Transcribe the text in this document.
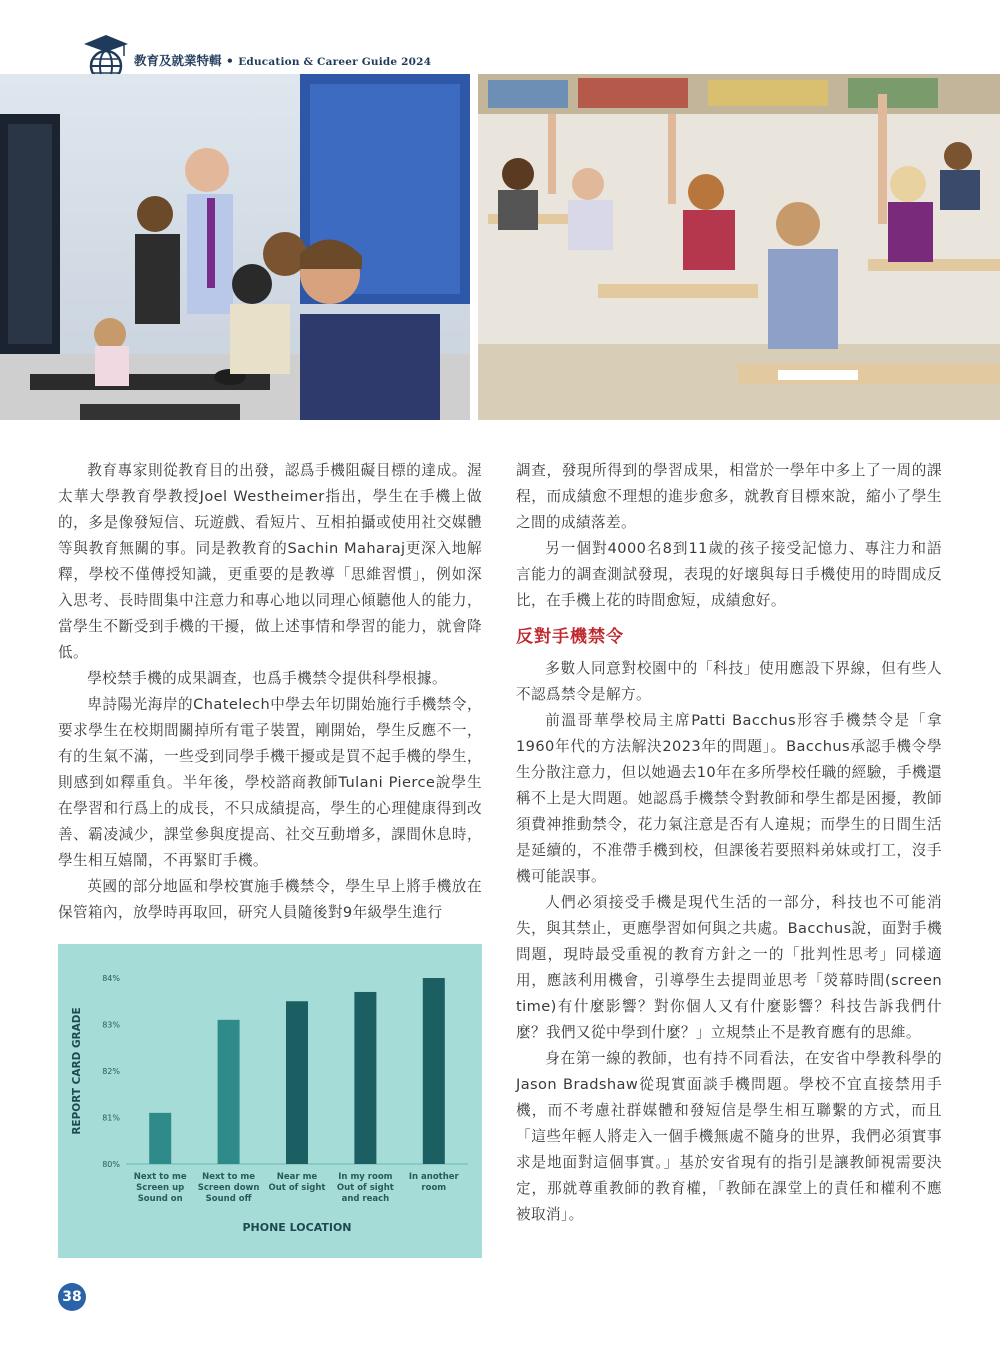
教育及就業特輯 • Education & Career Guide 2024

教育專家則從教育目的出發，認爲手機阻礙目標的達成。渥太華大學教育學教授Joel Westheimer指出，學生在手機上做的，多是像發短信、玩遊戲、看短片、互相拍攝或使用社交媒體等與教育無關的事。同是教教育的Sachin Maharaj更深入地解釋，學校不僅傳授知識，更重要的是教導「思維習慣」，例如深入思考、長時間集中注意力和專心地以同理心傾聽他人的能力，當學生不斷受到手機的干擾，做上述事情和學習的能力，就會降低。

學校禁手機的成果調查，也爲手機禁令提供科學根據。

卑詩陽光海岸的Chatelech中學去年切開始施行手機禁令，要求學生在校期間關掉所有電子裝置，剛開始，學生反應不一，有的生氣不滿，一些受到同學手機干擾或是買不起手機的學生，則感到如釋重負。半年後，學校諮商教師Tulani Pierce說學生在學習和行爲上的成長，不只成績提高，學生的心理健康得到改善、霸凌減少，課堂參與度提高、社交互動增多，課間休息時，學生相互嬉鬧，不再緊盯手機。

英國的部分地區和學校實施手機禁令，學生早上將手機放在保管箱內，放學時再取回，研究人員隨後對9年級學生進行

80%
81%
82%
83%
84%
REPORT CARD GRADE
Next to me
Screen up
Sound on
Next to me
Screen down
Sound off
Near me
Out of sight
In my room
Out of sight
and reach
In another
room
PHONE LOCATION

調查，發現所得到的學習成果，相當於一學年中多上了一周的課程，而成績愈不理想的進步愈多，就教育目標來說，縮小了學生之間的成績落差。

另一個對4000名8到11歲的孩子接受記憶力、專注力和語言能力的調查測試發現，表現的好壞與每日手機使用的時間成反比，在手機上花的時間愈短，成績愈好。

反對手機禁令

多數人同意對校園中的「科技」使用應設下界線，但有些人不認爲禁令是解方。

前溫哥華學校局主席Patti Bacchus形容手機禁令是「拿1960年代的方法解決2023年的問題」。Bacchus承認手機令學生分散注意力，但以她過去10年在多所學校任職的經驗，手機還稱不上是大問題。她認爲手機禁令對教師和學生都是困擾，教師須費神推動禁令，花力氣注意是否有人違規；而學生的日間生活是延續的，不准帶手機到校，但課後若要照料弟妹或打工，沒手機可能誤事。

人們必須接受手機是現代生活的一部分，科技也不可能消失，與其禁止，更應學習如何與之共處。Bacchus說，面對手機問題，現時最受重視的教育方針之一的「批判性思考」同樣適用，應該利用機會，引導學生去提問並思考「熒幕時間(screen time)有什麼影響？對你個人又有什麼影響？科技告訴我們什麼？我們又從中學到什麼？」立規禁止不是教育應有的思維。

身在第一線的教師，也有持不同看法，在安省中學教科學的Jason Bradshaw從現實面談手機問題。學校不宜直接禁用手機，而不考慮社群媒體和發短信是學生相互聯繫的方式，而且「這些年輕人將走入一個手機無處不隨身的世界，我們必須實事求是地面對這個事實。」基於安省現有的指引是讓教師視需要決定，那就尊重教師的教育權，「教師在課堂上的責任和權利不應被取消」。

38
